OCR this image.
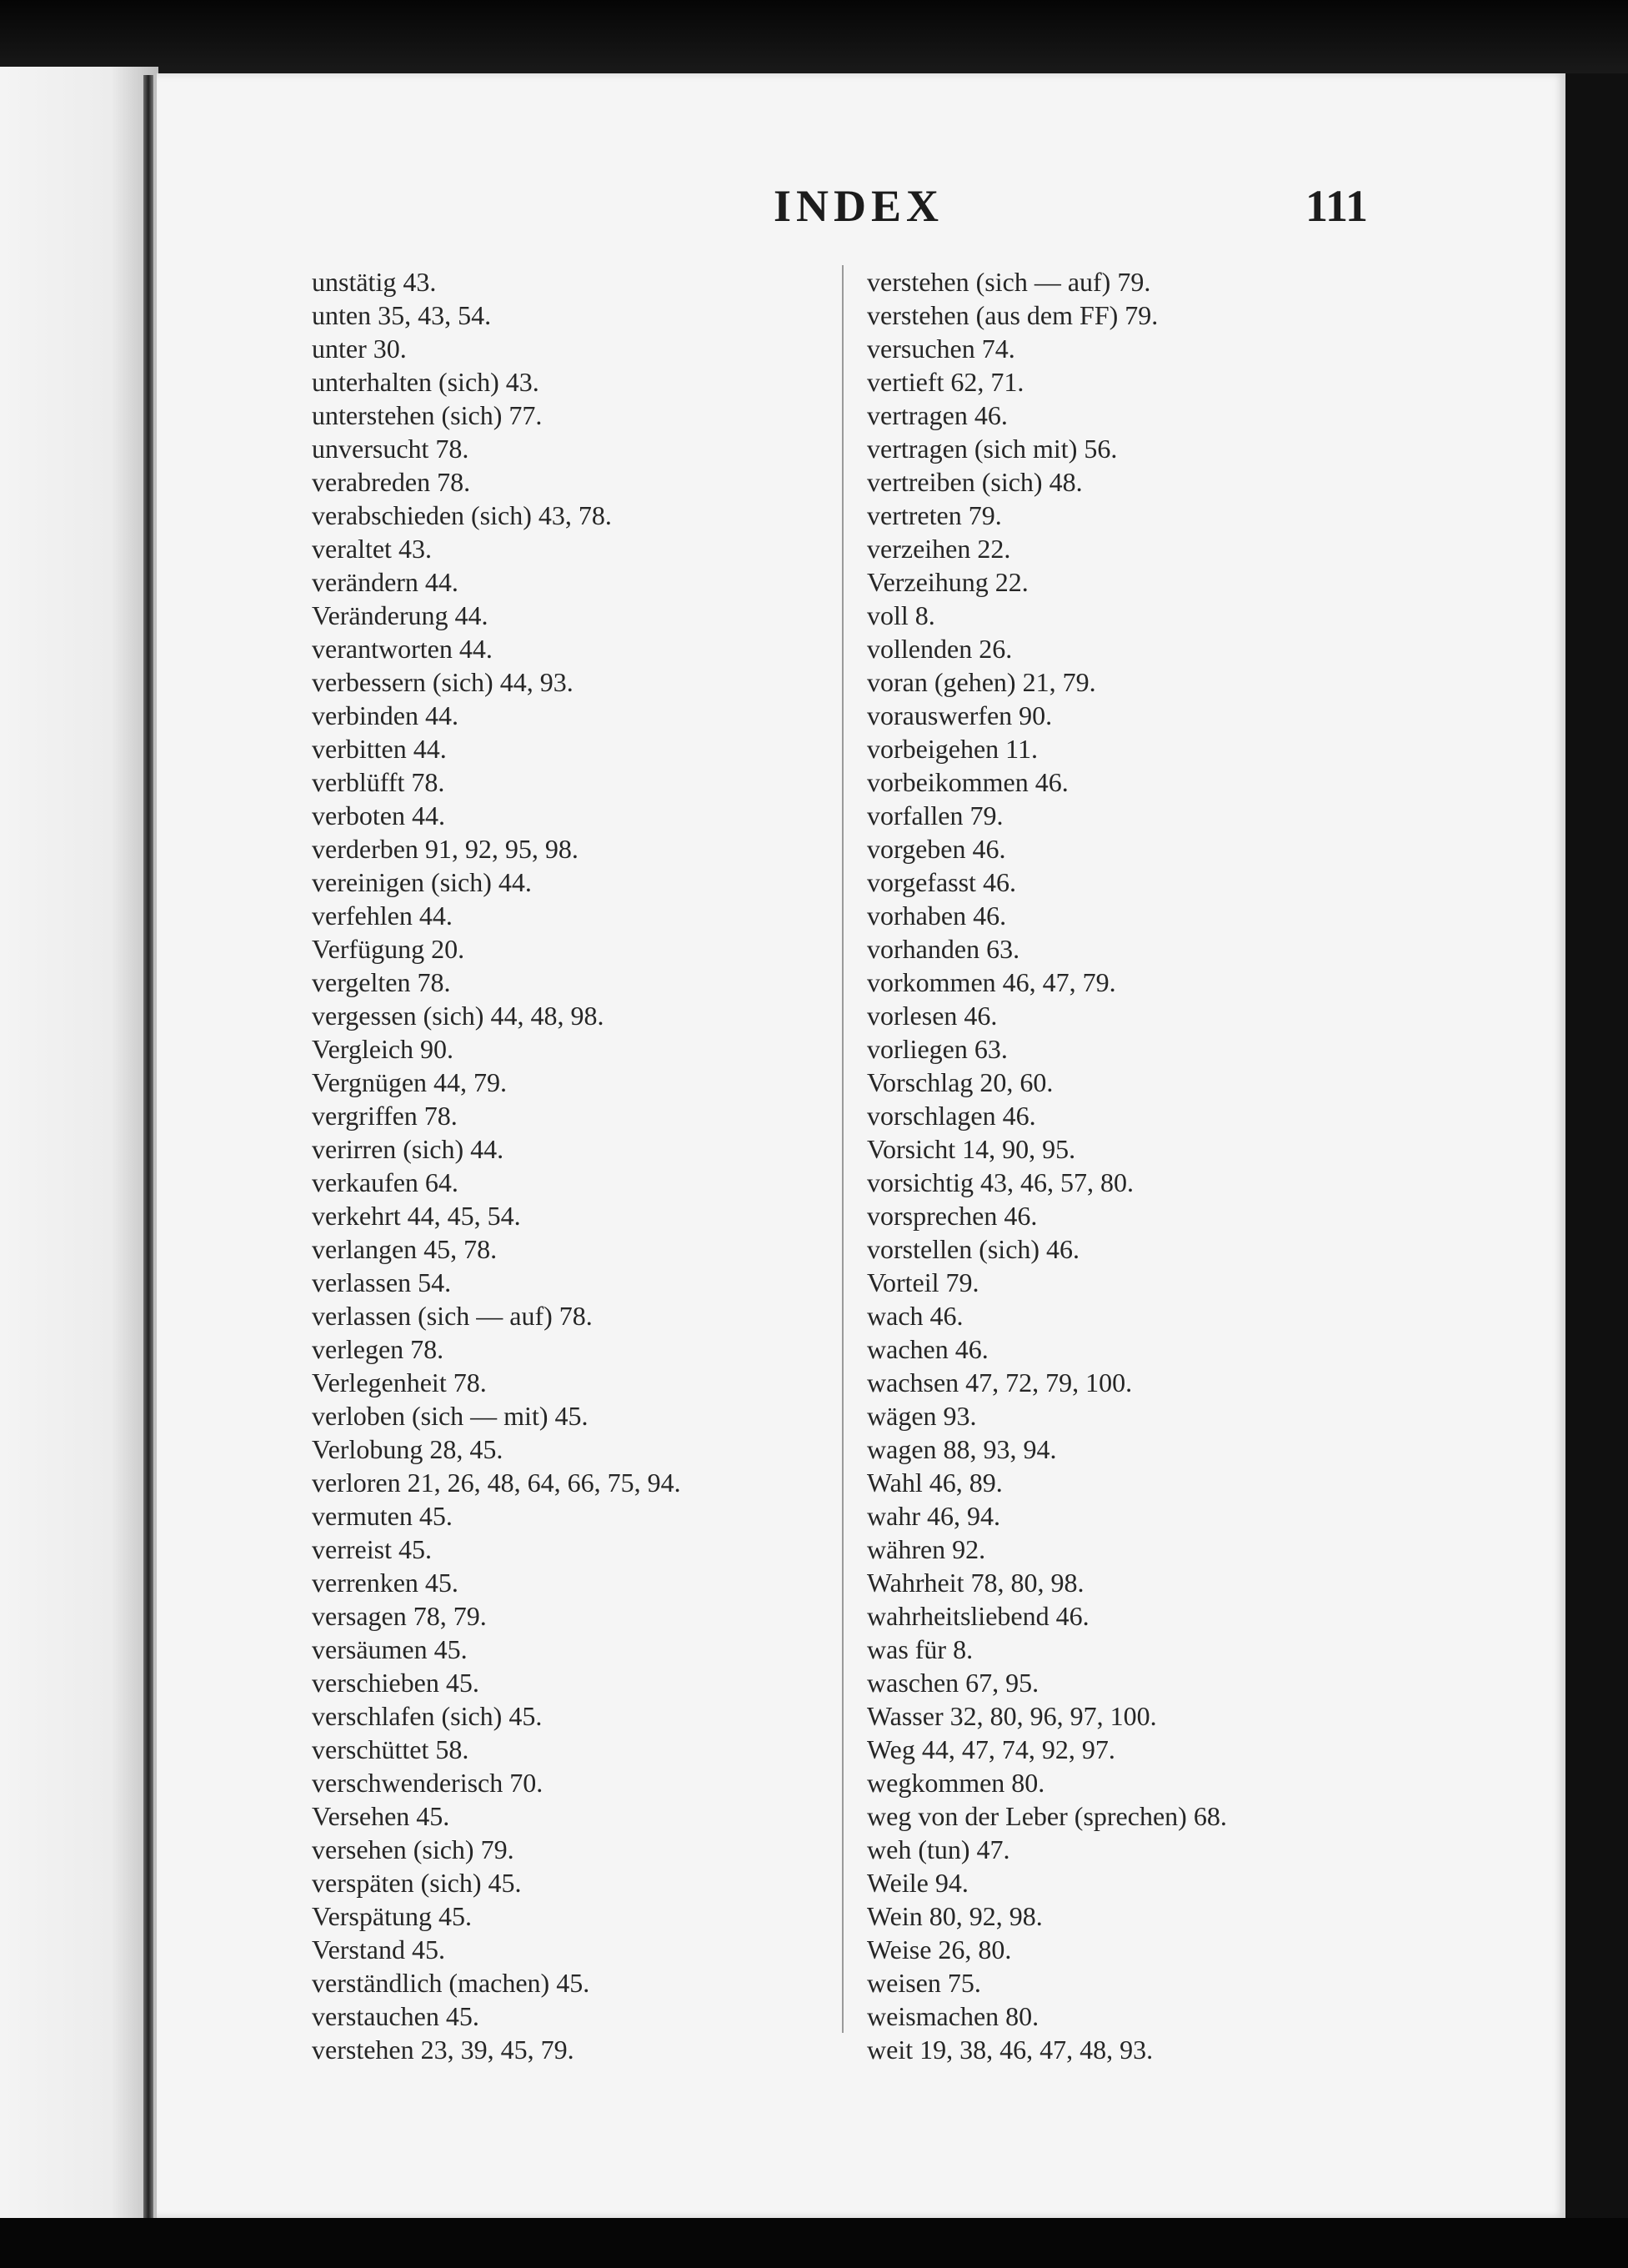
INDEX	111
unstätig 43.
unten 35, 43, 54.
unter 30.
unterhalten (sich) 43.
unterstehen (sich) 77.
unversucht 78.
verabreden 78.
verabschieden (sich) 43, 78.
veraltet 43.
verändern 44.
Veränderung 44.
verantworten 44.
verbessern (sich) 44, 93.
verbinden 44.
verbitten 44.
verblüfft 78.
verboten 44.
verderben 91, 92, 95, 98.
vereinigen (sich) 44.
verfehlen 44.
Verfügung 20.
vergelten 78.
vergessen (sich) 44, 48, 98.
Vergleich 90.
Vergnügen 44, 79.
vergriffen 78.
verirren (sich) 44.
verkaufen 64.
verkehrt 44, 45, 54.
verlangen 45, 78.
verlassen 54.
verlassen (sich — auf) 78.
verlegen 78.
Verlegenheit 78.
verloben (sich — mit) 45.
Verlobung 28, 45.
verloren 21, 26, 48, 64, 66, 75, 94.
vermuten 45.
verreist 45.
verrenken 45.
versagen 78, 79.
versäumen 45.
verschieben 45.
verschlafen (sich) 45.
verschüttet 58.
verschwenderisch 70.
Versehen 45.
versehen (sich) 79.
verspäten (sich) 45.
Verspätung 45.
Verstand 45.
verständlich (machen) 45.
verstauchen 45.
verstehen 23, 39, 45, 79.
verstehen (sich — auf) 79.
verstehen (aus dem FF) 79.
versuchen 74.
vertieft 62, 71.
vertragen 46.
vertragen (sich mit) 56.
vertreiben (sich) 48.
vertreten 79.
verzeihen 22.
Verzeihung 22.
voll 8.
vollenden 26.
voran (gehen) 21, 79.
vorauswerfen 90.
vorbeigehen 11.
vorbeikommen 46.
vorfallen 79.
vorgeben 46.
vorgefasst 46.
vorhaben 46.
vorhanden 63.
vorkommen 46, 47, 79.
vorlesen 46.
vorliegen 63.
Vorschlag 20, 60.
vorschlagen 46.
Vorsicht 14, 90, 95.
vorsichtig 43, 46, 57, 80.
vorsprechen 46.
vorstellen (sich) 46.
Vorteil 79.
wach 46.
wachen 46.
wachsen 47, 72, 79, 100.
wägen 93.
wagen 88, 93, 94.
Wahl 46, 89.
wahr 46, 94.
währen 92.
Wahrheit 78, 80, 98.
wahrheitsliebend 46.
was für 8.
waschen 67, 95.
Wasser 32, 80, 96, 97, 100.
Weg 44, 47, 74, 92, 97.
wegkommen 80.
weg von der Leber (sprechen) 68.
weh (tun) 47.
Weile 94.
Wein 80, 92, 98.
Weise 26, 80.
weisen 75.
weismachen 80.
weit 19, 38, 46, 47, 48, 93.
